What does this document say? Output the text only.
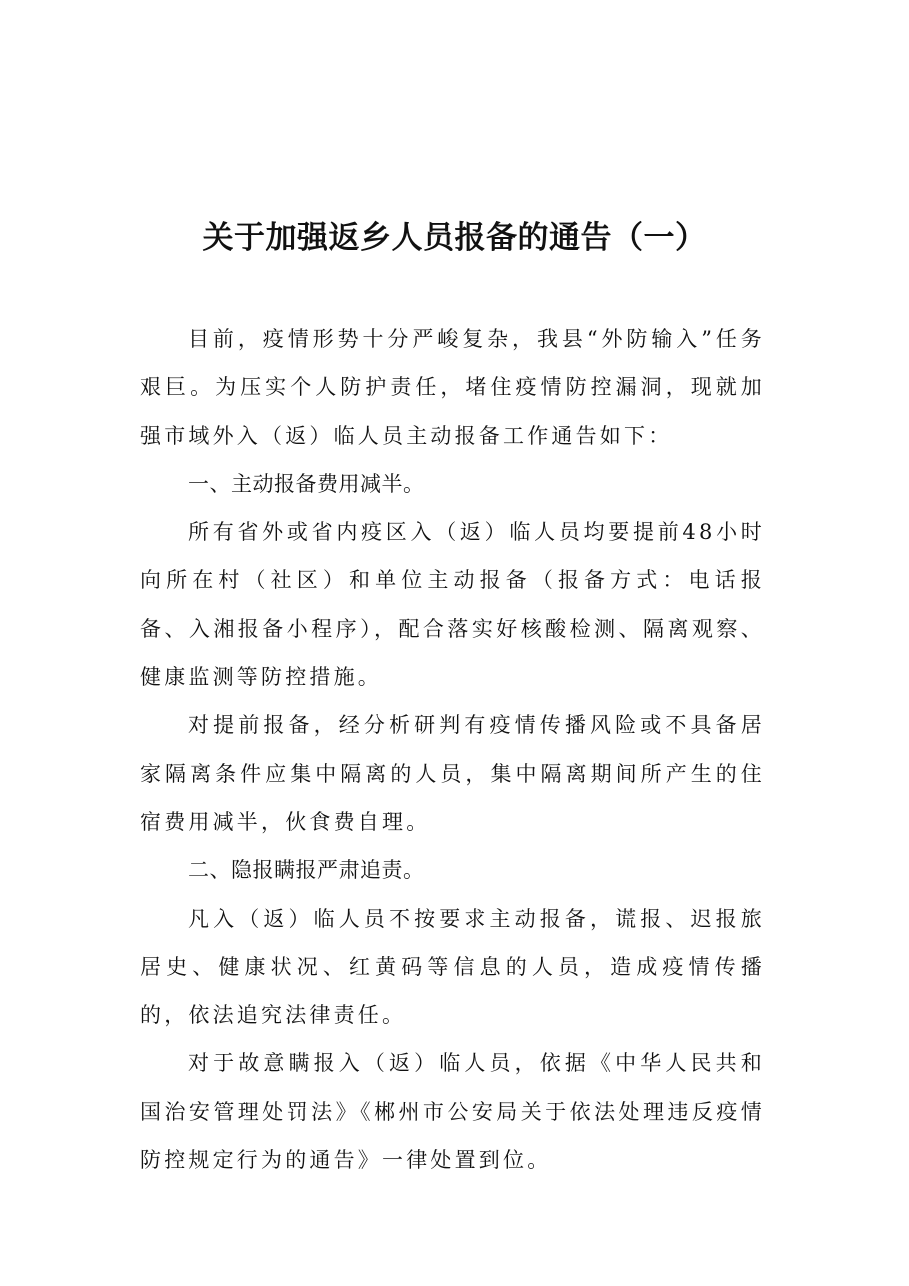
关于加强返乡人员报备的通告（一）

目前，疫情形势十分严峻复杂，我县“外防输入”任务艰巨。为压实个人防护责任，堵住疫情防控漏洞，现就加强市域外入（返）临人员主动报备工作通告如下：

一、主动报备费用减半。

所有省外或省内疫区入（返）临人员均要提前48小时向所在村（社区）和单位主动报备（报备方式：电话报备、入湘报备小程序），配合落实好核酸检测、隔离观察、健康监测等防控措施。

对提前报备，经分析研判有疫情传播风险或不具备居家隔离条件应集中隔离的人员，集中隔离期间所产生的住宿费用减半，伙食费自理。

二、隐报瞒报严肃追责。

凡入（返）临人员不按要求主动报备，谎报、迟报旅居史、健康状况、红黄码等信息的人员，造成疫情传播的，依法追究法律责任。

对于故意瞒报入（返）临人员，依据《中华人民共和国治安管理处罚法》《郴州市公安局关于依法处理违反疫情防控规定行为的通告》一律处置到位。
